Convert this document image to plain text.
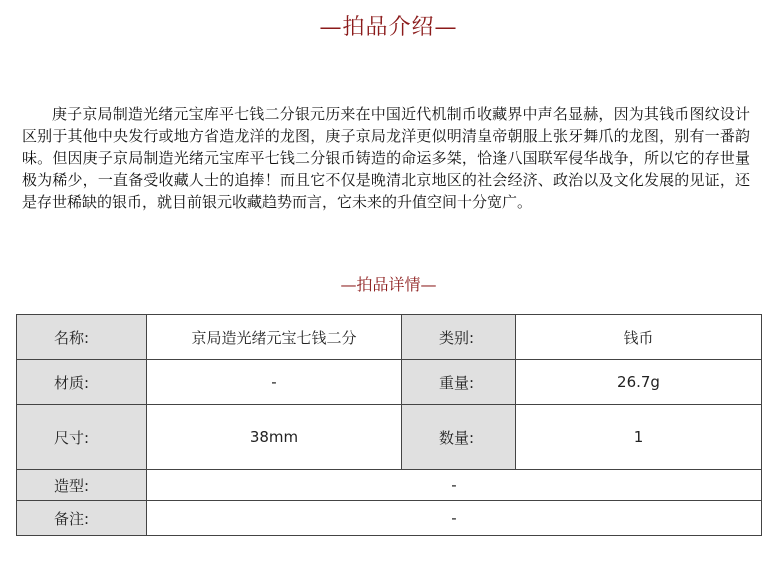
—拍品介绍—

庚子京局制造光绪元宝库平七钱二分银元历来在中国近代机制币收藏界中声名显赫，因为其钱币图纹设计区别于其他中央发行或地方省造龙洋的龙图，庚子京局龙洋更似明清皇帝朝服上张牙舞爪的龙图，别有一番韵味。但因庚子京局制造光绪元宝库平七钱二分银币铸造的命运多桀，恰逢八国联军侵华战争，所以它的存世量极为稀少，一直备受收藏人士的追捧！而且它不仅是晚清北京地区的社会经济、政治以及文化发展的见证，还是存世稀缺的银币，就目前银元收藏趋势而言，它未来的升值空间十分宽广。

—拍品详情—
名称:	京局造光绪元宝七钱二分	类别:	钱币
材质:	-	重量:	26.7g
尺寸:	38mm	数量:	1
造型:	-		
备注:	-		
